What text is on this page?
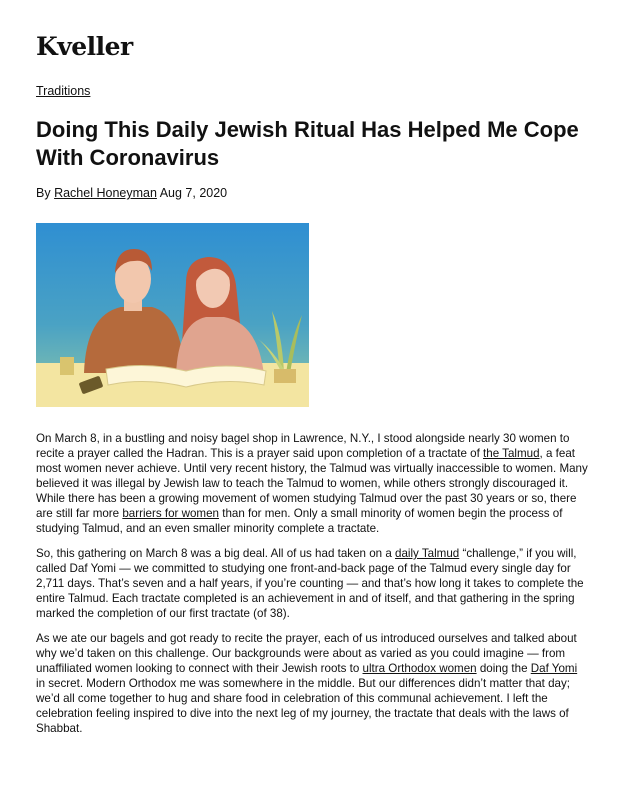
Kveller
Traditions
Doing This Daily Jewish Ritual Has Helped Me Cope With Coronavirus
By Rachel Honeyman Aug 7, 2020

On March 8, in a bustling and noisy bagel shop in Lawrence, N.Y., I stood alongside nearly 30 women to recite a prayer called the Hadran. This is a prayer said upon completion of a tractate of the Talmud, a feat most women never achieve. Until very recent history, the Talmud was virtually inaccessible to women. Many believed it was illegal by Jewish law to teach the Talmud to women, while others strongly discouraged it. While there has been a growing movement of women studying Talmud over the past 30 years or so, there are still far more barriers for women than for men. Only a small minority of women begin the process of studying Talmud, and an even smaller minority complete a tractate.

So, this gathering on March 8 was a big deal. All of us had taken on a daily Talmud “challenge,” if you will, called Daf Yomi — we committed to studying one front-and-back page of the Talmud every single day for 2,711 days. That’s seven and a half years, if you’re counting — and that’s how long it takes to complete the entire Talmud. Each tractate completed is an achievement in and of itself, and that gathering in the spring marked the completion of our first tractate (of 38).

As we ate our bagels and got ready to recite the prayer, each of us introduced ourselves and talked about why we’d taken on this challenge. Our backgrounds were about as varied as you could imagine — from unaffiliated women looking to connect with their Jewish roots to ultra Orthodox women doing the Daf Yomi in secret. Modern Orthodox me was somewhere in the middle. But our differences didn’t matter that day; we’d all come together to hug and share food in celebration of this communal achievement. I left the celebration feeling inspired to dive into the next leg of my journey, the tractate that deals with the laws of Shabbat.
